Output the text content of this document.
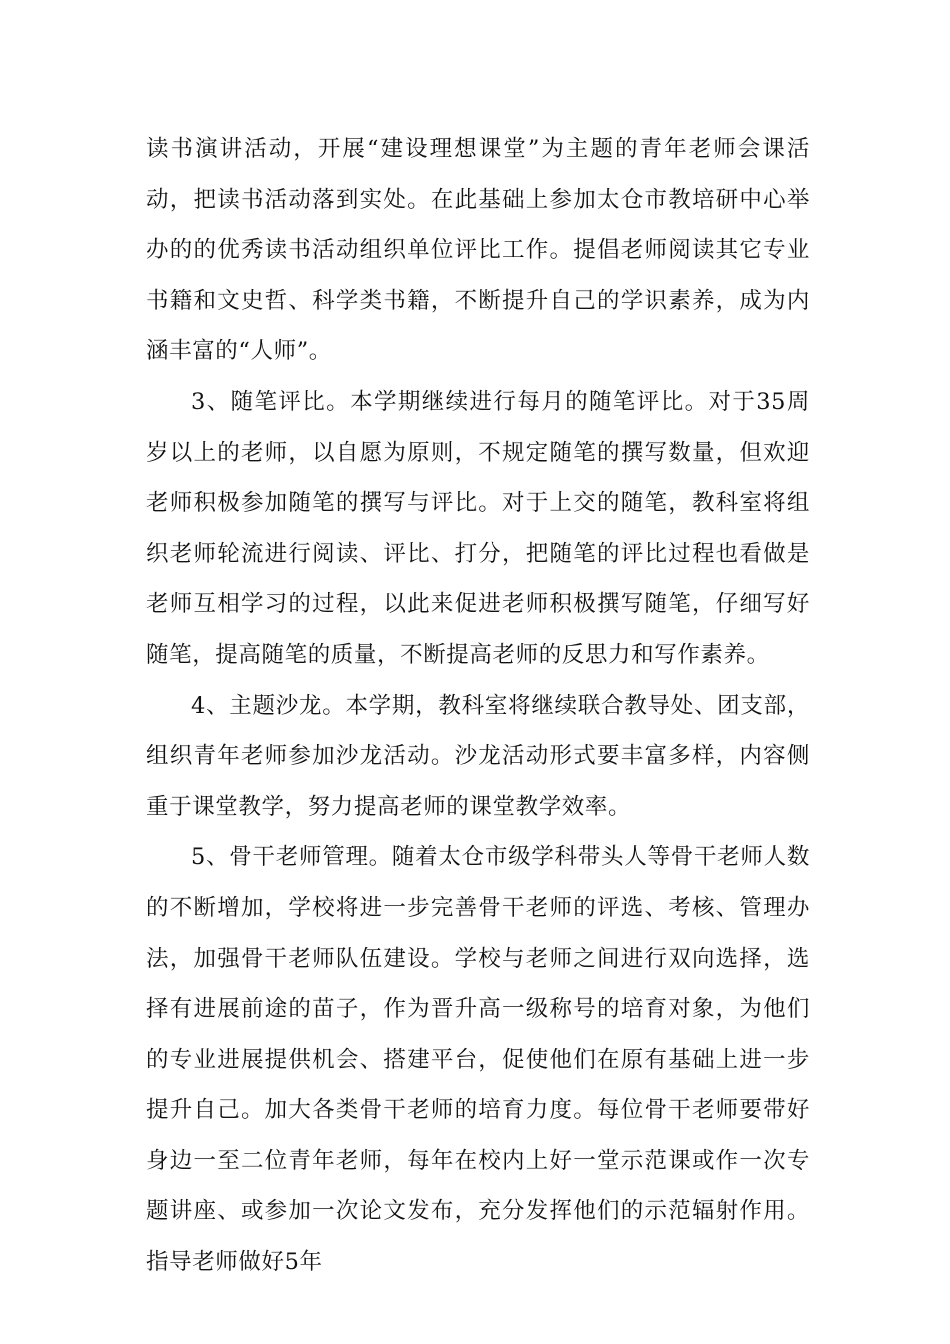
读书演讲活动，开展“建设理想课堂”为主题的青年老师会课活动，把读书活动落到实处。在此基础上参加太仓市教培研中心举办的的优秀读书活动组织单位评比工作。提倡老师阅读其它专业书籍和文史哲、科学类书籍，不断提升自己的学识素养，成为内涵丰富的“人师”。

3、随笔评比。本学期继续进行每月的随笔评比。对于35周岁以上的老师，以自愿为原则，不规定随笔的撰写数量，但欢迎老师积极参加随笔的撰写与评比。对于上交的随笔，教科室将组织老师轮流进行阅读、评比、打分，把随笔的评比过程也看做是老师互相学习的过程，以此来促进老师积极撰写随笔，仔细写好随笔，提高随笔的质量，不断提高老师的反思力和写作素养。

4、主题沙龙。本学期，教科室将继续联合教导处、团支部，组织青年老师参加沙龙活动。沙龙活动形式要丰富多样，内容侧重于课堂教学，努力提高老师的课堂教学效率。

5、骨干老师管理。随着太仓市级学科带头人等骨干老师人数的不断增加，学校将进一步完善骨干老师的评选、考核、管理办法，加强骨干老师队伍建设。学校与老师之间进行双向选择，选择有进展前途的苗子，作为晋升高一级称号的培育对象，为他们的专业进展提供机会、搭建平台，促使他们在原有基础上进一步提升自己。加大各类骨干老师的培育力度。每位骨干老师要带好身边一至二位青年老师，每年在校内上好一堂示范课或作一次专题讲座、或参加一次论文发布，充分发挥他们的示范辐射作用。指导老师做好5年
